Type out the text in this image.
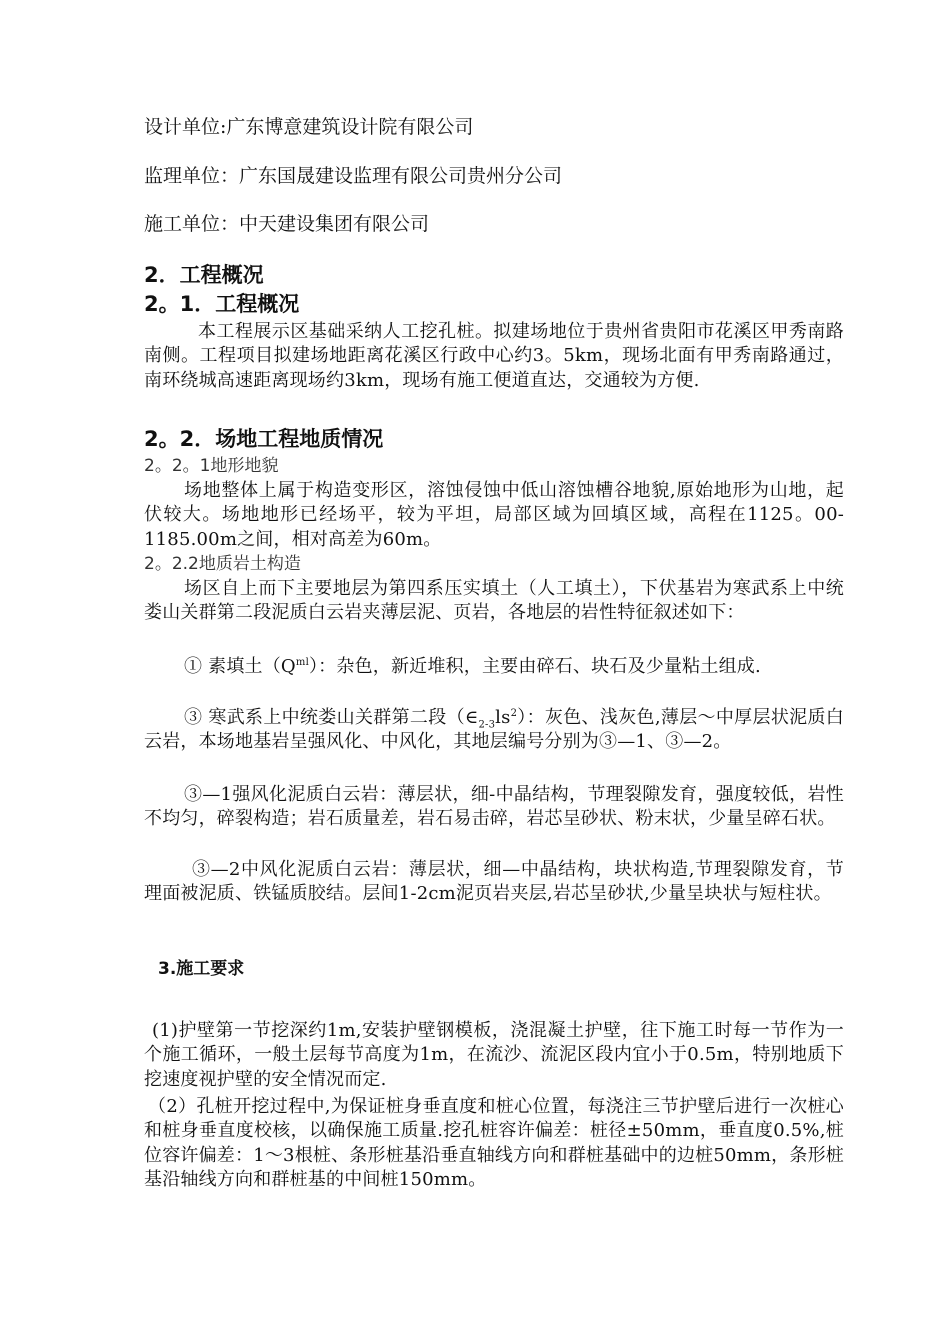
设计单位:广东博意建筑设计院有限公司
监理单位：广东国晟建设监理有限公司贵州分公司
施工单位：中天建设集团有限公司
2．工程概况
2。1．工程概况
本工程展示区基础采纳人工挖孔桩。拟建场地位于贵州省贵阳市花溪区甲秀南路南侧。工程项目拟建场地距离花溪区行政中心约3。5km，现场北面有甲秀南路通过，南环绕城高速距离现场约3km，现场有施工便道直达，交通较为方便.
2。2．场地工程地质情况
2。2。1地形地貌
场地整体上属于构造变形区，溶蚀侵蚀中低山溶蚀槽谷地貌,原始地形为山地，起伏较大。场地地形已经场平，较为平坦，局部区域为回填区域，高程在1125。00-1185.00m之间，相对高差为60m。
2。2.2地质岩土构造
场区自上而下主要地层为第四系压实填土（人工填土），下伏基岩为寒武系上中统娄山关群第二段泥质白云岩夹薄层泥、页岩，各地层的岩性特征叙述如下：
① 素填土$(Q^{ml})$：杂色，新近堆积，主要由碎石、块石及少量粘土组成.
③ 寒武系上中统娄山关群第二段$(\in_{2-3}ls^2)$：灰色、浅灰色,薄层～中厚层状泥质白云岩，本场地基岩呈强风化、中风化，其地层编号分别为③—1、③—2。
③—1强风化泥质白云岩：薄层状，细-中晶结构，节理裂隙发育，强度较低，岩性不均匀，碎裂构造；岩石质量差，岩石易击碎，岩芯呈砂状、粉末状，少量呈碎石状。
③—2中风化泥质白云岩：薄层状，细—中晶结构，块状构造,节理裂隙发育，节理面被泥质、铁锰质胶结。层间1-2cm泥页岩夹层,岩芯呈砂状,少量呈块状与短柱状。
3.施工要求
(1)护壁第一节挖深约1m,安装护壁钢模板，浇混凝土护壁，往下施工时每一节作为一个施工循环，一般土层每节高度为1m，在流沙、流泥区段内宜小于0.5m，特别地质下挖速度视护壁的安全情况而定.
（2）孔桩开挖过程中,为保证桩身垂直度和桩心位置，每浇注三节护壁后进行一次桩心和桩身垂直度校核，以确保施工质量.挖孔桩容许偏差：桩径±50mm，垂直度0.5%,桩位容许偏差：1～3根桩、条形桩基沿垂直轴线方向和群桩基础中的边桩50mm，条形桩基沿轴线方向和群桩基的中间桩150mm。
